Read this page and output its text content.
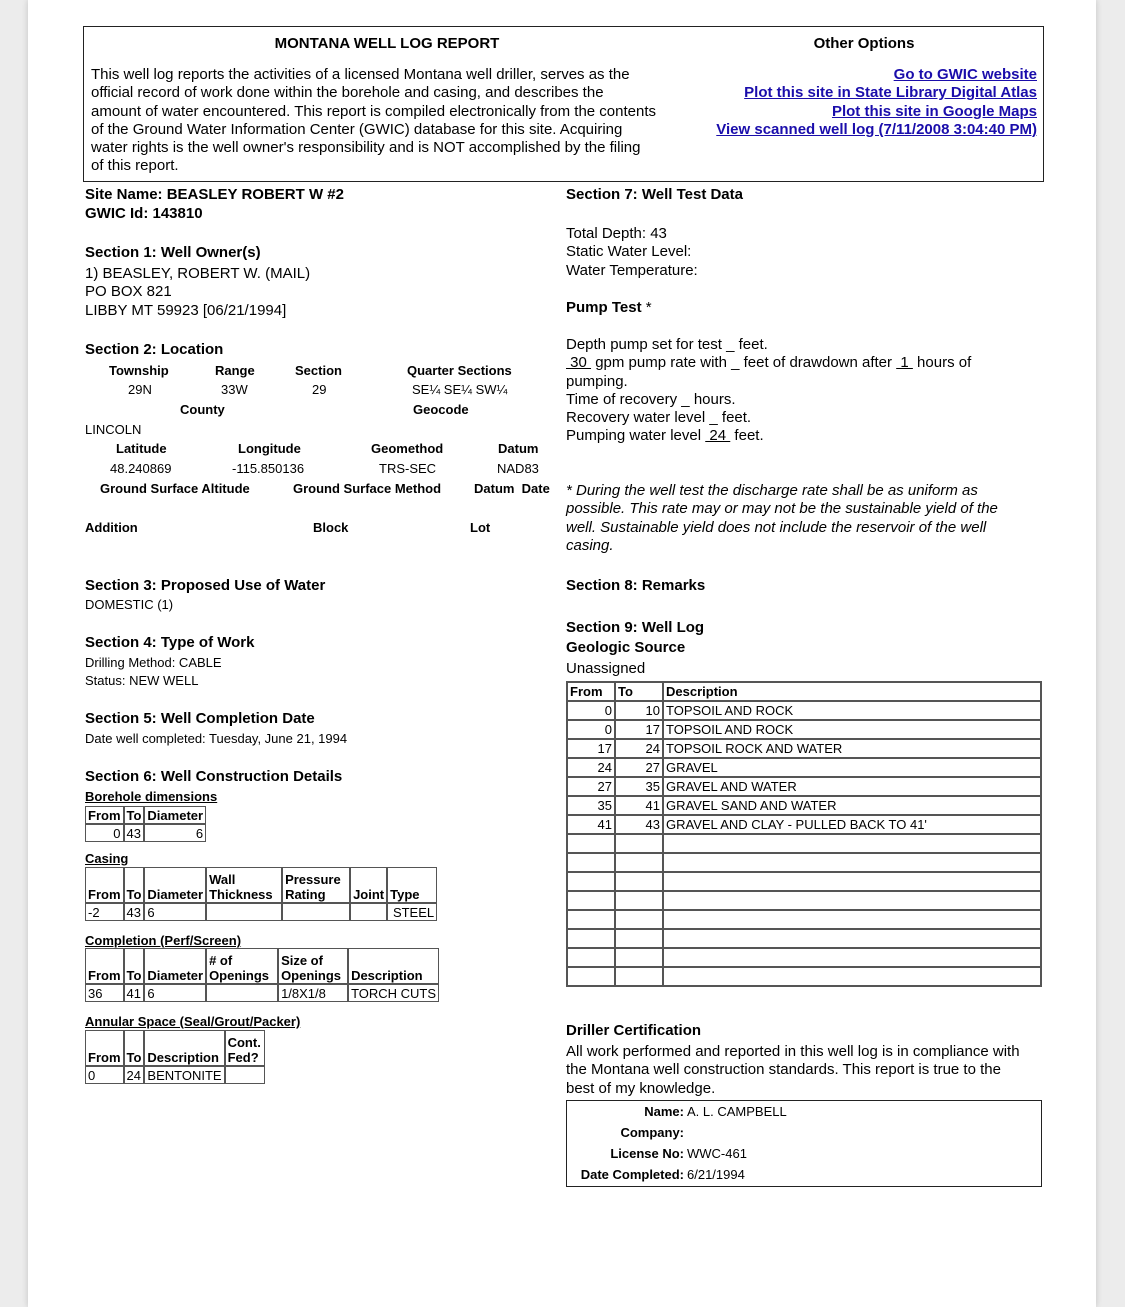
MONTANA WELL LOG REPORT
This well log reports the activities of a licensed Montana well driller, serves as the
official record of work done within the borehole and casing, and describes the
amount of water encountered. This report is compiled electronically from the contents
of the Ground Water Information Center (GWIC) database for this site. Acquiring
water rights is the well owner's responsibility and is NOT accomplished by the filing
of this report.
Other Options
Go to GWIC website
Plot this site in State Library Digital Atlas
Plot this site in Google Maps
View scanned well log (7/11/2008 3:04:40 PM)
Site Name: BEASLEY ROBERT W #2
GWIC Id: 143810
Section 1: Well Owner(s)
1) BEASLEY, ROBERT W. (MAIL)
PO BOX 821
LIBBY MT 59923 [06/21/1994]
Section 2: Location
Township	Range	Section	Quarter Sections
29N	33W	29	SE¼ SE¼ SW¼
County	Geocode
LINCOLN
Latitude	Longitude	Geomethod	Datum
48.240869	-115.850136	TRS-SEC	NAD83
Ground Surface Altitude	Ground Surface Method	Datum  Date
Addition	Block	Lot
Section 3: Proposed Use of Water
DOMESTIC (1)
Section 4: Type of Work
Drilling Method: CABLE
Status: NEW WELL
Section 5: Well Completion Date
Date well completed: Tuesday, June 21, 1994
Section 6: Well Construction Details
Borehole dimensions
From	To	Diameter
0	43	6
Casing
From	To	Diameter	Wall Thickness	Pressure Rating	Joint	Type
-2	43	6				STEEL
Completion (Perf/Screen)
From	To	Diameter	# of Openings	Size of Openings	Description
36	41	6		1/8X1/8	TORCH CUTS
Annular Space (Seal/Grout/Packer)
From	To	Description	Cont. Fed?
0	24	BENTONITE	
Section 7: Well Test Data
Total Depth: 43
Static Water Level:
Water Temperature:
Pump Test *
Depth pump set for test _ feet.
30  gpm pump rate with _ feet of drawdown after  1  hours of
pumping.
Time of recovery _ hours.
Recovery water level _ feet.
Pumping water level  24  feet.
* During the well test the discharge rate shall be as uniform as
possible. This rate may or may not be the sustainable yield of the
well. Sustainable yield does not include the reservoir of the well
casing.
Section 8: Remarks
Section 9: Well Log
Geologic Source
Unassigned
From	To	Description
0	10	TOPSOIL AND ROCK
0	17	TOPSOIL AND ROCK
17	24	TOPSOIL ROCK AND WATER
24	27	GRAVEL
27	35	GRAVEL AND WATER
35	41	GRAVEL SAND AND WATER
41	43	GRAVEL AND CLAY - PULLED BACK TO 41'

Driller Certification
All work performed and reported in this well log is in compliance with
the Montana well construction standards. This report is true to the
best of my knowledge.
Name: A. L. CAMPBELL
Company:
License No: WWC-461
Date Completed: 6/21/1994
